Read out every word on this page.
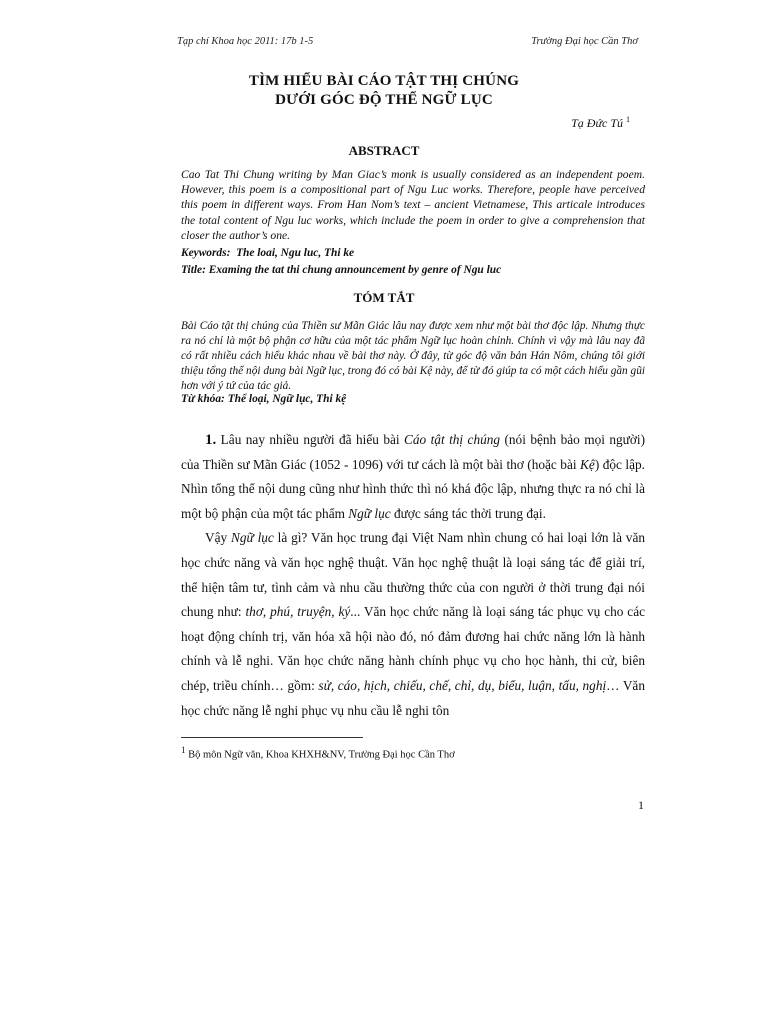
Tạp chí Khoa học 2011: 17b 1-5	Trường Đại học Cần Thơ
TÌM HIỂU BÀI CÁO TẬT THỊ CHÚNG
DƯỚI GÓC ĐỘ THỂ NGỮ LỤC
Tạ Đức Tú $^1$
ABSTRACT
Cao Tat Thi Chung writing by Man Giac’s monk is usually considered as an independent poem. However, this poem is a compositional part of Ngu Luc works. Therefore, people have perceived this poem in different ways. From Han Nom’s text – ancient Vietnamese, This articale introduces the total content of Ngu luc works, which include the poem in order to give a comprehension that closer the author’s one.
Keywords: The loai, Ngu luc, Thi ke
Title: Examing the tat thi chung announcement by genre of Ngu luc
TÓM TẮT
Bài Cáo tật thị chúng của Thiền sư Mãn Giác lâu nay được xem như một bài thơ độc lập. Nhưng thực ra nó chỉ là một bộ phận cơ hữu của một tác phẩm Ngữ lục hoàn chỉnh. Chính vì vậy mà lâu nay đã có rất nhiều cách hiểu khác nhau về bài thơ này. Ở đây, từ góc độ văn bản Hán Nôm, chúng tôi giới thiệu tổng thể nội dung bài Ngữ lục, trong đó có bài Kệ này, để từ đó giúp ta có một cách hiểu gần gũi hơn với ý tứ của tác giả.
Từ khóa: Thể loại, Ngữ lục, Thi kệ

1. Lâu nay nhiều người đã hiểu bài Cáo tật thị chúng (nói bệnh bảo mọi người) của Thiền sư Mãn Giác (1052 - 1096) với tư cách là một bài thơ (hoặc bài Kệ) độc lập. Nhìn tổng thể nội dung cũng như hình thức thì nó khá độc lập, nhưng thực ra nó chỉ là một bộ phận của một tác phẩm Ngữ lục được sáng tác thời trung đại.

Vậy Ngữ lục là gì? Văn học trung đại Việt Nam nhìn chung có hai loại lớn là văn học chức năng và văn học nghệ thuật. Văn học nghệ thuật là loại sáng tác để giải trí, thể hiện tâm tư, tình cảm và nhu cầu thường thức của con người ở thời trung đại nói chung như: thơ, phú, truyện, ký... Văn học chức năng là loại sáng tác phục vụ cho các hoạt động chính trị, văn hóa xã hội nào đó, nó đảm đương hai chức năng lớn là hành chính và lễ nghi. Văn học chức năng hành chính phục vụ cho học hành, thi cử, biên chép, triều chính… gồm: sử, cáo, hịch, chiếu, chế, chỉ, dụ, biểu, luận, tấu, nghị… Văn học chức năng lễ nghi phục vụ nhu cầu lễ nghi tôn

$^1$ Bộ môn Ngữ văn, Khoa KHXH&NV, Trường Đại học Cần Thơ
1
